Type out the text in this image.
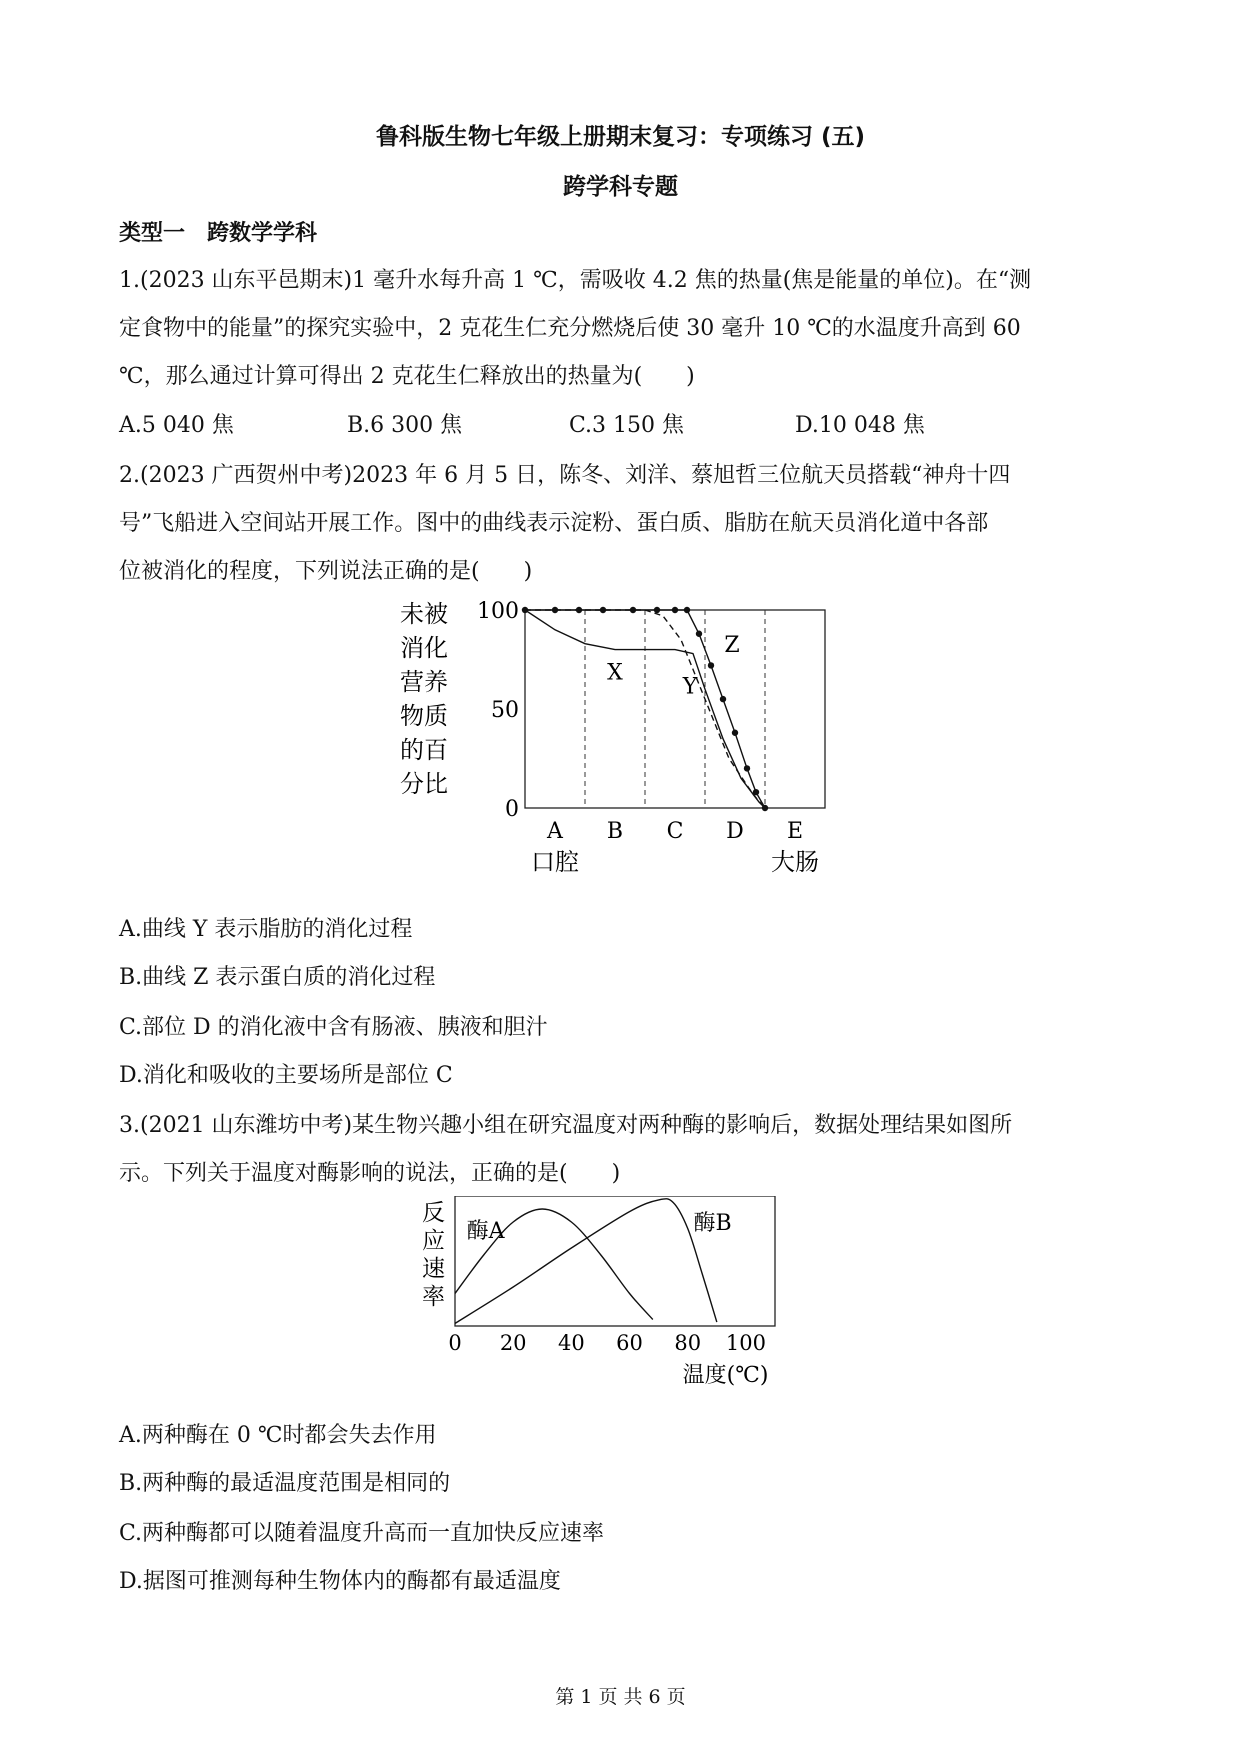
鲁科版生物七年级上册期末复习：专项练习 (五)
跨学科专题
类型一　跨数学学科
1.(2023 山东平邑期末)1 毫升水每升高 1 ℃，需吸收 4.2 焦的热量(焦是能量的单位)。在“测
定食物中的能量”的探究实验中，2 克花生仁充分燃烧后使 30 毫升 10 ℃的水温度升高到 60
℃，那么通过计算可得出 2 克花生仁释放出的热量为(　　)
A.5 040 焦	B.6 300 焦	C.3 150 焦	D.10 048 焦
2.(2023 广西贺州中考)2023 年 6 月 5 日，陈冬、刘洋、蔡旭哲三位航天员搭载“神舟十四
号”飞船进入空间站开展工作。图中的曲线表示淀粉、蛋白质、脂肪在航天员消化道中各部
位被消化的程度，下列说法正确的是(　　)
未被
消化
营养
物质
的百
分比
100
50
0
A
口腔
B C D E
大肠
X
Y
Z
A.曲线 Y 表示脂肪的消化过程
B.曲线 Z 表示蛋白质的消化过程
C.部位 D 的消化液中含有肠液、胰液和胆汁
D.消化和吸收的主要场所是部位 C
3.(2021 山东潍坊中考)某生物兴趣小组在研究温度对两种酶的影响后，数据处理结果如图所
示。下列关于温度对酶影响的说法，正确的是(　　)
反
应
速
率
0 20 40 60 80 100
温度(℃)
酶A	酶B
A.两种酶在 0 ℃时都会失去作用
B.两种酶的最适温度范围是相同的
C.两种酶都可以随着温度升高而一直加快反应速率
D.据图可推测每种生物体内的酶都有最适温度
第 1 页 共 6 页
